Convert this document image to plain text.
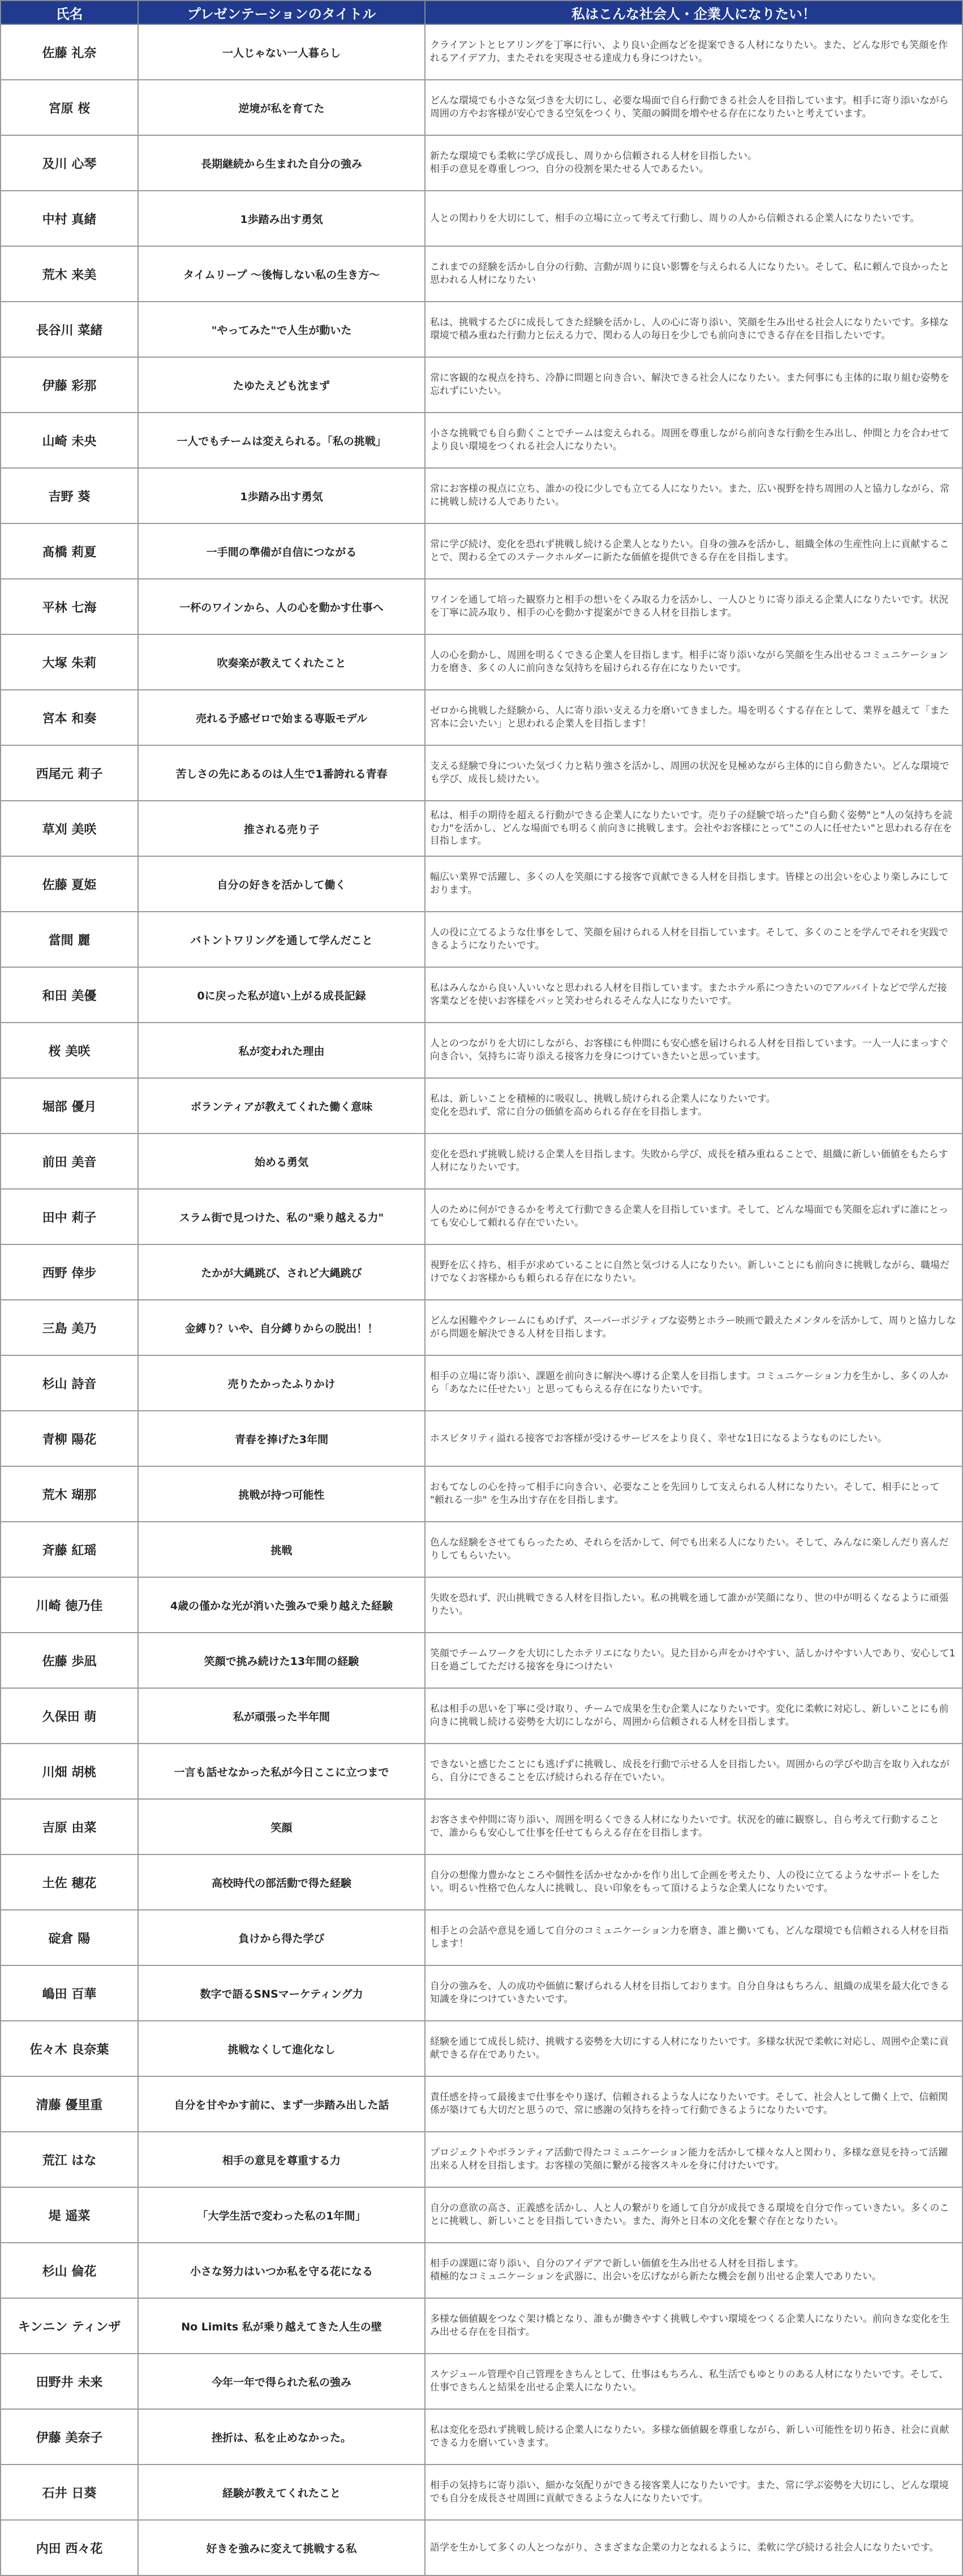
氏名	プレゼンテーションのタイトル	私はこんな社会人・企業人になりたい！
佐藤 礼奈	一人じゃない一人暮らし	クライアントとヒアリングを丁寧に行い、より良い企画などを提案できる人材になりたい。また、どんな形でも笑顔を作れるアイデア力、またそれを実現させる達成力も身につけたい。

宮原 桜	逆境が私を育てた	どんな環境でも小さな気づきを大切にし、必要な場面で自ら行動できる社会人を目指しています。相手に寄り添いながら周囲の方やお客様が安心できる空気をつくり、笑顔の瞬間を増やせる存在になりたいと考えています。

及川 心琴	長期継続から生まれた自分の強み	新たな環境でも柔軟に学び成長し、周りから信頼される人材を目指したい。
相手の意見を尊重しつつ、自分の役割を果たせる人であるたい。

中村 真緒	1歩踏み出す勇気	人との関わりを大切にして、相手の立場に立って考えて行動し、周りの人から信頼される企業人になりたいです。

荒木 来美	タイムリープ 〜後悔しない私の生き方〜	これまでの経験を活かし自分の行動、言動が周りに良い影響を与えられる人になりたい。そして、私に頼んで良かったと思われる人材になりたい

長谷川 菜緒	"やってみた"で人生が動いた	私は、挑戦するたびに成長してきた経験を活かし、人の心に寄り添い、笑顔を生み出せる社会人になりたいです。多様な環境で積み重ねた行動力と伝える力で、関わる人の毎日を少しでも前向きにできる存在を目指したいです。

伊藤 彩那	たゆたえども沈まず	常に客観的な視点を持ち、冷静に問題と向き合い、解決できる社会人になりたい。また何事にも主体的に取り組む姿勢を忘れずにいたい。

山崎 未央	一人でもチームは変えられる。「私の挑戦」	小さな挑戦でも自ら動くことでチームは変えられる。周囲を尊重しながら前向きな行動を生み出し、仲間と力を合わせてより良い環境をつくれる社会人になりたい。

吉野 葵	1歩踏み出す勇気	常にお客様の視点に立ち、誰かの役に少しでも立てる人になりたい。また、広い視野を持ち周囲の人と協力しながら、常に挑戦し続ける人でありたい。

髙橋 莉夏	一手間の準備が自信につながる	常に学び続け、変化を恐れず挑戦し続ける企業人となりたい。自身の強みを活かし、組織全体の生産性向上に貢献することで、関わる全てのステークホルダーに新たな価値を提供できる存在を目指します。

平林 七海	一杯のワインから、人の心を動かす仕事へ	ワインを通して培った観察力と相手の想いをくみ取る力を活かし、一人ひとりに寄り添える企業人になりたいです。状況を丁寧に読み取り、相手の心を動かす提案ができる人材を目指します。

大塚 朱莉	吹奏楽が教えてくれたこと	人の心を動かし、周囲を明るくできる企業人を目指します。相手に寄り添いながら笑顔を生み出せるコミュニケーション力を磨き、多くの人に前向きな気持ちを届けられる存在になりたいです。

宮本 和奏	売れる予感ゼロで始まる専販モデル	ゼロから挑戦した経験から、人に寄り添い支える力を磨いてきました。場を明るくする存在として、業界を越えて「また宮本に会いたい」と思われる企業人を目指します！

西尾元 莉子	苦しさの先にあるのは人生で1番誇れる青春	支える経験で身についた気づく力と粘り強さを活かし、周囲の状況を見極めながら主体的に自ら動きたい。どんな環境でも学び、成長し続けたい。

草刈 美咲	推される売り子	私は、相手の期待を超える行動ができる企業人になりたいです。売り子の経験で培った"自ら動く姿勢"と"人の気持ちを読む力"を活かし、どんな場面でも明るく前向きに挑戦します。会社やお客様にとって"この人に任せたい"と思われる存在を目指します。

佐藤 夏姫	自分の好きを活かして働く	幅広い業界で活躍し、多くの人を笑顔にする接客で貢献できる人材を目指します。皆様との出会いを心より楽しみにしております。

當間 麗	バトントワリングを通して学んだこと	人の役に立てるような仕事をして、笑顔を届けられる人材を目指しています。そして、多くのことを学んでそれを実践できるようになりたいです。

和田 美優	0に戻った私が這い上がる成長記録	私はみんなから良い人いいなと思われる人材を目指しています。またホテル系につきたいのでアルバイトなどで学んだ接客業などを使いお客様をパッと笑わせられるそんな人になりたいです。

桜 美咲	私が変われた理由	人とのつながりを大切にしながら、お客様にも仲間にも安心感を届けられる人材を目指しています。一人一人にまっすぐ向き合い、気持ちに寄り添える接客力を身につけていきたいと思っています。

堀部 優月	ボランティアが教えてくれた働く意味	私は、新しいことを積極的に吸収し、挑戦し続けられる企業人になりたいです。
変化を恐れず、常に自分の価値を高められる存在を目指します。

前田 美音	始める勇気	変化を恐れず挑戦し続ける企業人を目指します。失敗から学び、成長を積み重ねることで、組織に新しい価値をもたらす人材になりたいです。

田中 莉子	スラム街で見つけた、私の"乗り越える力"	人のために何ができるかを考えて行動できる企業人を目指しています。そして、どんな場面でも笑顔を忘れずに誰にとっても安心して頼れる存在でいたい。

西野 倖步	たかが大縄跳び、されど大縄跳び	視野を広く持ち、相手が求めていることに自然と気づける人になりたい。新しいことにも前向きに挑戦しながら、職場だけでなくお客様からも頼られる存在になりたい。

三島 美乃	金縛り？いや、自分縛りからの脱出！！	どんな困難やクレームにもめげず、スーパーポジティブな姿勢とホラー映画で鍛えたメンタルを活かして、周りと協力しながら問題を解決できる人材を目指します。

杉山 詩音	売りたかったふりかけ	相手の立場に寄り添い、課題を前向きに解決へ導ける企業人を目指します。コミュニケーション力を生かし、多くの人から「あなたに任せたい」と思ってもらえる存在になりたいです。

青柳 陽花	青春を捧げた3年間	ホスピタリティ溢れる接客でお客様が受けるサービスをより良く、幸せな1日になるようなものにしたい。

荒木 瑚那	挑戦が持つ可能性	おもてなしの心を持って相手に向き合い、必要なことを先回りして支えられる人材になりたい。そして、相手にとって "頼れる一歩" を生み出す存在を目指します。

斉藤 紅瑶	挑戦	色んな経験をさせてもらったため、それらを活かして、何でも出来る人になりたい。そして、みんなに楽しんだり喜んだりしてもらいたい。

川崎 徳乃佳	4歳の僅かな光が消いた強みで乗り越えた経験	失敗を恐れず、沢山挑戦できる人材を目指したい。私の挑戦を通して誰かが笑顔になり、世の中が明るくなるように頑張りたい。

佐藤 歩凪	笑顔で挑み続けた13年間の経験	笑顔でチームワークを大切にしたホテリエになりたい。見た目から声をかけやすい、話しかけやすい人であり、安心して1日を過ごしてただける接客を身につけたい

久保田 萌	私が頑張った半年間	私は相手の思いを丁寧に受け取り、チームで成果を生む企業人になりたいです。変化に柔軟に対応し、新しいことにも前向きに挑戦し続ける姿勢を大切にしながら、周囲から信頼される人材を目指します。

川畑 胡桃	一言も話せなかった私が今日ここに立つまで	できないと感じたことにも逃げずに挑戦し、成長を行動で示せる人を目指したい。周囲からの学びや助言を取り入れながら、自分にできることを広げ続けられる存在でいたい。

吉原 由菜	笑顔	お客さまや仲間に寄り添い、周囲を明るくできる人材になりたいです。状況を的確に観察し、自ら考えて行動することで、誰からも安心して仕事を任せてもらえる存在を目指します。

土佐 穂花	高校時代の部活動で得た経験	自分の想像力豊かなところや個性を活かせなかかを作り出して企画を考えたり、人の役に立てるようなサポートをしたい。明るい性格で色んな人に挑戦し、良い印象をもって頂けるような企業人になりたいです。

碇倉 陽	負けから得た学び	相手との会話や意見を通して自分のコミュニケーション力を磨き、誰と働いても、どんな環境でも信頼される人材を目指します！

嶋田 百華	数字で語るSNSマーケティング力	自分の強みを、人の成功や価値に繋げられる人材を目指しております。自分自身はもちろん、組織の成果を最大化できる知識を身につけていきたいです。

佐々木 良奈葉	挑戦なくして進化なし	経験を通じて成長し続け、挑戦する姿勢を大切にする人材になりたいです。多様な状況で柔軟に対応し、周囲や企業に貢献できる存在でありたい。

清藤 優里重	自分を甘やかす前に、まず一歩踏み出した話	責任感を持って最後まで仕事をやり遂げ、信頼されるような人になりたいです。そして、社会人として働く上で、信頼関係が築けても大切だと思うので、常に感謝の気持ちを持って行動できるようになりたいです。

荒江 はな	相手の意見を尊重する力	プロジェクトやボランティア活動で得たコミュニケーション能力を活かして様々な人と関わり、多様な意見を持って活躍出来る人材を目指します。お客様の笑顔に繋がる接客スキルを身に付けたいです。

堤 遥菜	「大学生活で変わった私の1年間」	自分の意欲の高さ、正義感を活かし、人と人の繋がりを通して自分が成長できる環境を自分で作っていきたい。多くのことに挑戦し、新しいことを目指していきたい。また、海外と日本の文化を繋ぐ存在となりたい。

杉山 倫花	小さな努力はいつか私を守る花になる	相手の課題に寄り添い、自分のアイデアで新しい価値を生み出せる人材を目指します。
積極的なコミュニケーションを武器に、出会いを広げながら新たな機会を創り出せる企業人でありたい。

キンニン ティンザ	No Limits 私が乗り越えてきた人生の壁	多様な価値観をつなぐ架け橋となり、誰もが働きやすく挑戦しやすい環境をつくる企業人になりたい。前向きな変化を生み出せる存在を目指す。

田野井 未来	今年一年で得られた私の強み	スケジュール管理や自己管理をきちんとして、仕事はもちろん、私生活でもゆとりのある人材になりたいです。そして、仕事できちんと結果を出せる企業人になりたい。

伊藤 美奈子	挫折は、私を止めなかった。	私は変化を恐れず挑戦し続ける企業人になりたい。多様な価値観を尊重しながら、新しい可能性を切り拓き、社会に貢献できる力を磨いていきます。

石井 日葵	経験が教えてくれたこと	相手の気持ちに寄り添い、細かな気配りができる接客業人になりたいです。また、常に学ぶ姿勢を大切にし、どんな環境でも自分を成長させ周囲に貢献できるような人になりたいです。

内田 西々花	好きを強みに変えて挑戦する私	語学を生かして多くの人とつながり、さまざまな企業の力となれるように、柔軟に学び続ける社会人になりたいです。
